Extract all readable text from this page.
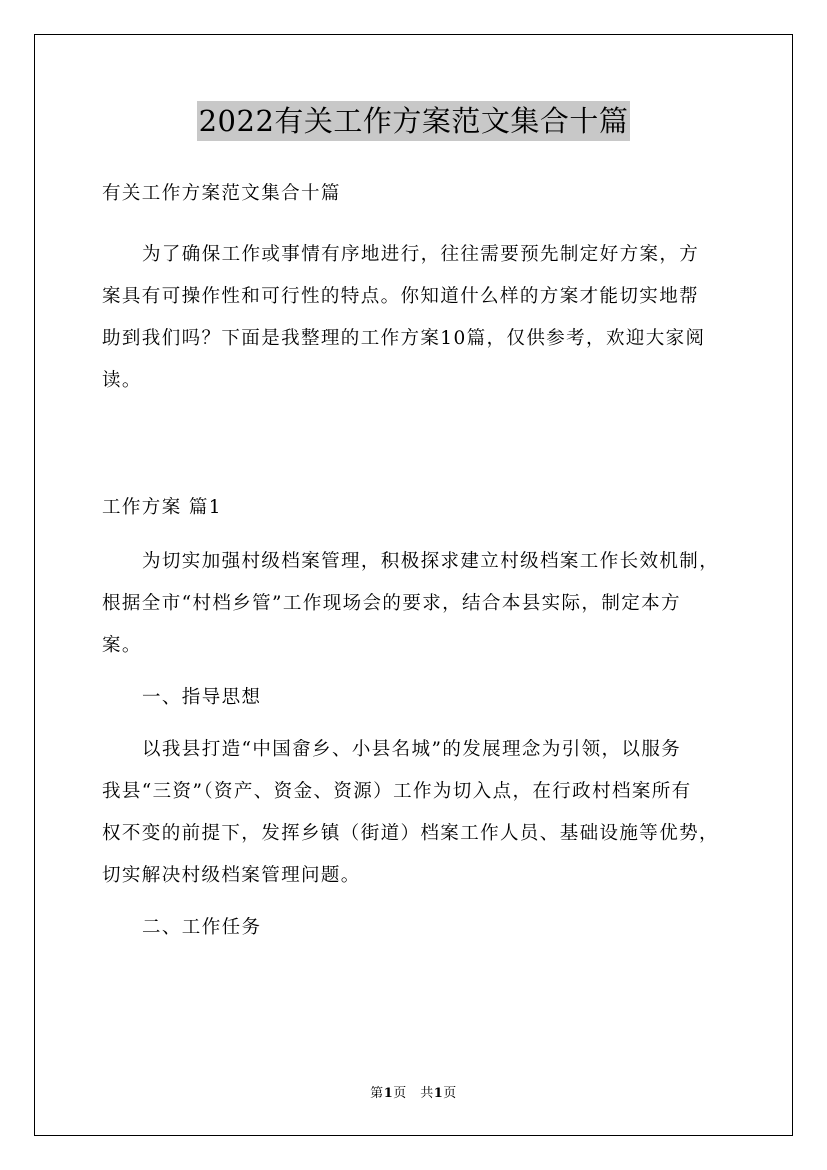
2022有关工作方案范文集合十篇
有关工作方案范文集合十篇
为了确保工作或事情有序地进行，往往需要预先制定好方案，方
案具有可操作性和可行性的特点。你知道什么样的方案才能切实地帮
助到我们吗？下面是我整理的工作方案10篇，仅供参考，欢迎大家阅
读。
工作方案 篇1
为切实加强村级档案管理，积极探求建立村级档案工作长效机制，
根据全市“村档乡管”工作现场会的要求，结合本县实际，制定本方
案。
一、指导思想
以我县打造“中国畲乡、小县名城”的发展理念为引领，以服务
我县“三资”（资产、资金、资源）工作为切入点，在行政村档案所有
权不变的前提下，发挥乡镇（街道）档案工作人员、基础设施等优势，
切实解决村级档案管理问题。
二、工作任务
第1页　共1页
